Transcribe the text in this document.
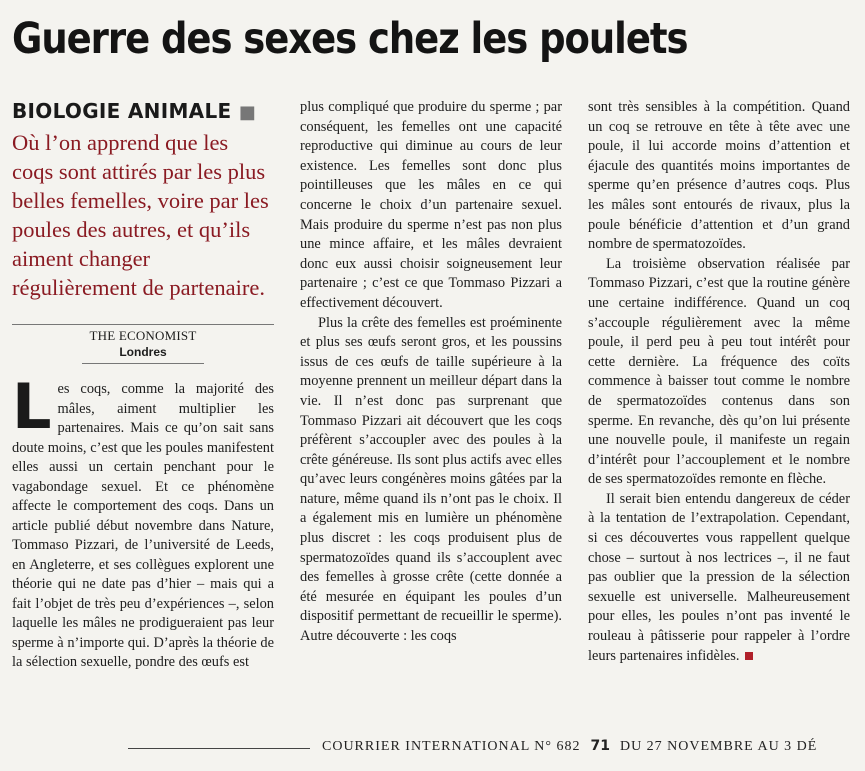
Guerre des sexes chez les poulets
BIOLOGIE ANIMALE ■
Où l’on apprend que les coqs sont attirés par les plus belles femelles, voire par les poules des autres, et qu’ils aiment changer régulièrement de partenaire.
THE ECONOMIST
Londres
Les coqs, comme la majorité des mâles, aiment multiplier les partenaires. Mais ce qu’on sait sans doute moins, c’est que les poules manifestent elles aussi un certain penchant pour le vagabondage sexuel. Et ce phénomène affecte le comportement des coqs. Dans un article publié début novembre dans Nature, Tommaso Pizzari, de l’université de Leeds, en Angleterre, et ses collègues explorent une théorie qui ne date pas d’hier – mais qui a fait l’objet de très peu d’expériences –, selon laquelle les mâles ne prodigueraient pas leur sperme à n’importe qui. D’après la théorie de la sélection sexuelle, pondre des œufs est

plus compliqué que produire du sperme ; par conséquent, les femelles ont une capacité reproductive qui diminue au cours de leur existence. Les femelles sont donc plus pointilleuses que les mâles en ce qui concerne le choix d’un partenaire sexuel. Mais produire du sperme n’est pas non plus une mince affaire, et les mâles devraient donc eux aussi choisir soigneusement leur partenaire ; c’est ce que Tommaso Pizzari a effectivement découvert.

Plus la crête des femelles est proéminente et plus ses œufs seront gros, et les poussins issus de ces œufs de taille supérieure à la moyenne prennent un meilleur départ dans la vie. Il n’est donc pas surprenant que Tommaso Pizzari ait découvert que les coqs préfèrent s’accoupler avec des poules à la crête généreuse. Ils sont plus actifs avec elles qu’avec leurs congénères moins gâtées par la nature, même quand ils n’ont pas le choix. Il a également mis en lumière un phénomène plus discret : les coqs produisent plus de spermatozoïdes quand ils s’accouplent avec des femelles à grosse crête (cette donnée a été mesurée en équipant les poules d’un dispositif permettant de recueillir le sperme). Autre découverte : les coqs

sont très sensibles à la compétition. Quand un coq se retrouve en tête à tête avec une poule, il lui accorde moins d’attention et éjacule des quantités moins importantes de sperme qu’en présence d’autres coqs. Plus les mâles sont entourés de rivaux, plus la poule bénéficie d’attention et d’un grand nombre de spermatozoïdes.

La troisième observation réalisée par Tommaso Pizzari, c’est que la routine génère une certaine indifférence. Quand un coq s’accouple régulièrement avec la même poule, il perd peu à peu tout intérêt pour cette dernière. La fréquence des coïts commence à baisser tout comme le nombre de spermatozoïdes contenus dans son sperme. En revanche, dès qu’on lui présente une nouvelle poule, il manifeste un regain d’intérêt pour l’accouplement et le nombre de ses spermatozoïdes remonte en flèche.

Il serait bien entendu dangereux de céder à la tentation de l’extrapolation. Cependant, si ces découvertes vous rappellent quelque chose – surtout à nos lectrices –, il ne faut pas oublier que la pression de la sélection sexuelle est universelle. Malheureusement pour elles, les poules n’ont pas inventé le rouleau à pâtisserie pour rappeler à l’ordre leurs partenaires infidèles.

COURRIER INTERNATIONAL N° 682 71 DU 27 NOVEMBRE AU 3 DÉ
